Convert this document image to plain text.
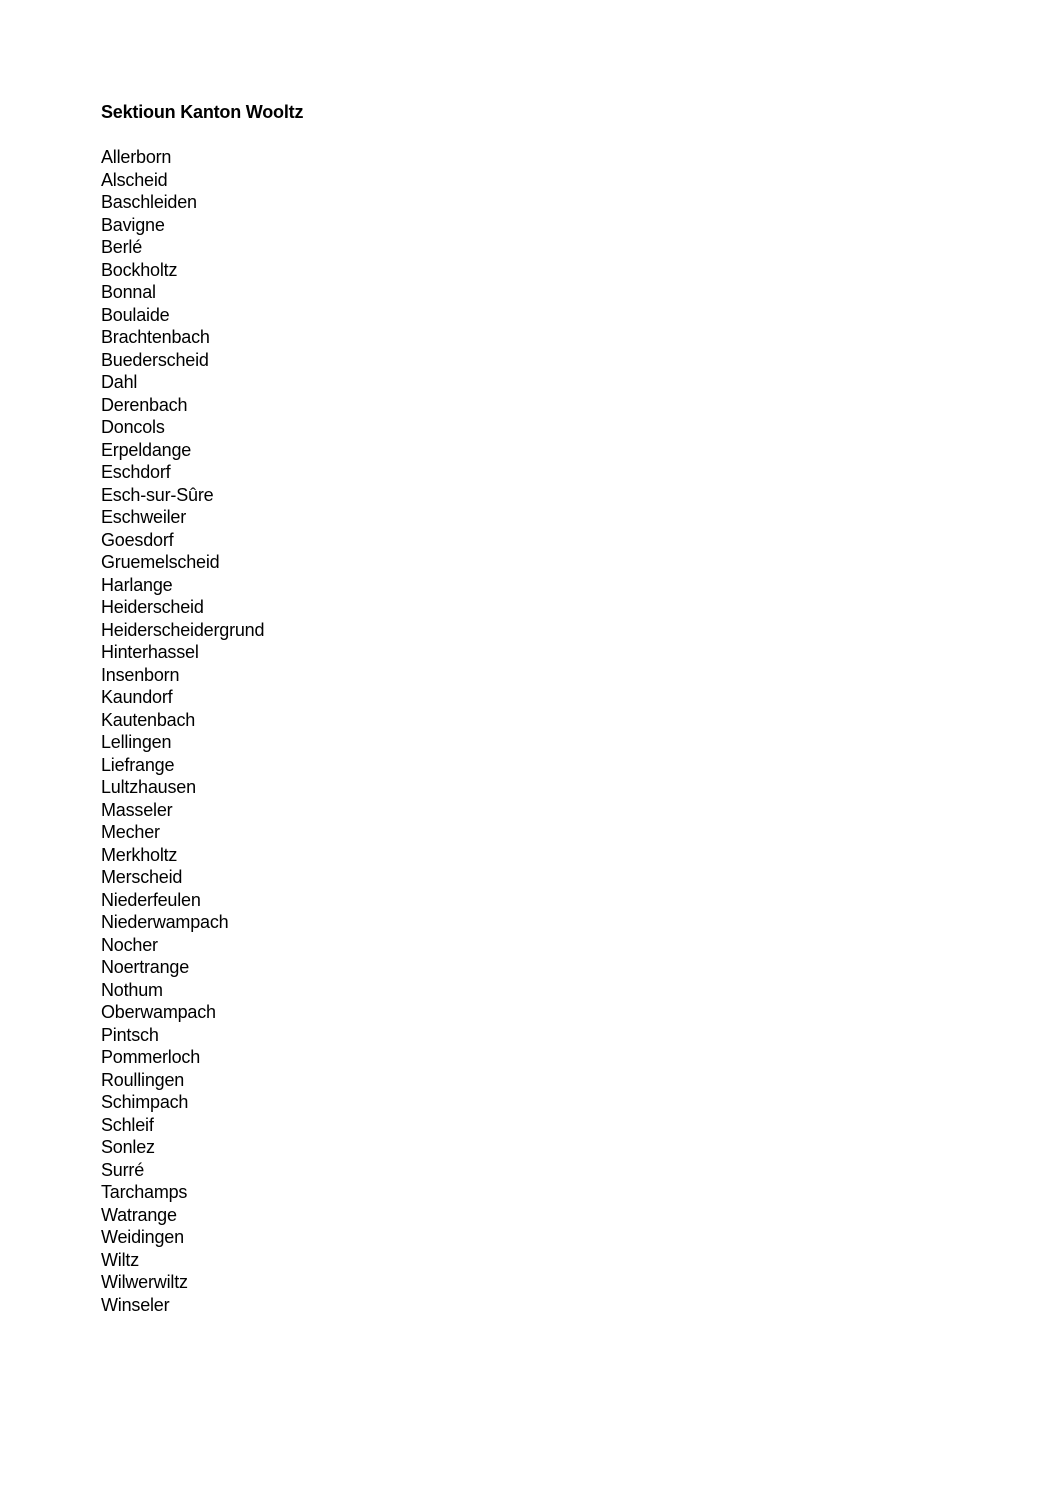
Sektioun Kanton Wooltz
Allerborn
Alscheid
Baschleiden
Bavigne
Berlé
Bockholtz
Bonnal
Boulaide
Brachtenbach
Buederscheid
Dahl
Derenbach
Doncols
Erpeldange
Eschdorf
Esch-sur-Sûre
Eschweiler
Goesdorf
Gruemelscheid
Harlange
Heiderscheid
Heiderscheidergrund
Hinterhassel
Insenborn
Kaundorf
Kautenbach
Lellingen
Liefrange
Lultzhausen
Masseler
Mecher
Merkholtz
Merscheid
Niederfeulen
Niederwampach
Nocher
Noertrange
Nothum
Oberwampach
Pintsch
Pommerloch
Roullingen
Schimpach
Schleif
Sonlez
Surré
Tarchamps
Watrange
Weidingen
Wiltz
Wilwerwiltz
Winseler
